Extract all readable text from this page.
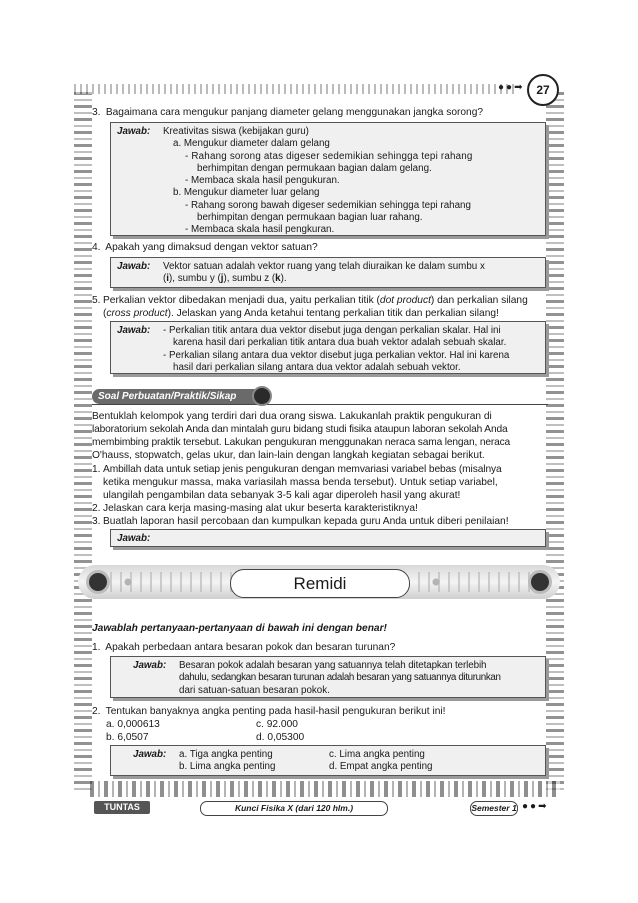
●●➡ 27
3. Bagaimana cara mengukur panjang diameter gelang menggunakan jangka sorong?
Jawab: Kreativitas siswa (kebijakan guru)
a. Mengukur diameter dalam gelang
- Rahang sorong atas digeser sedemikian sehingga tepi rahang
berhimpitan dengan permukaan bagian dalam gelang.
- Membaca skala hasil pengukuran.
b. Mengukur diameter luar gelang
- Rahang sorong bawah digeser sedemikian sehingga tepi rahang
berhimpitan dengan permukaan bagian luar rahang.
- Membaca skala hasil pengkuran.
4. Apakah yang dimaksud dengan vektor satuan?
Jawab: Vektor satuan adalah vektor ruang yang telah diuraikan ke dalam sumbu x
(i), sumbu y (j), sumbu z (k).
5. Perkalian vektor dibedakan menjadi dua, yaitu perkalian titik (dot product) dan perkalian silang
(cross product). Jelaskan yang Anda ketahui tentang perkalian titik dan perkalian silang!
Jawab: - Perkalian titik antara dua vektor disebut juga dengan perkalian skalar. Hal ini
karena hasil dari perkalian titik antara dua buah vektor adalah sebuah skalar.
- Perkalian silang antara dua vektor disebut juga perkalian vektor. Hal ini karena
hasil dari perkalian silang antara dua vektor adalah sebuah vektor.
Soal Perbuatan/Praktik/Sikap
Bentuklah kelompok yang terdiri dari dua orang siswa. Lakukanlah praktik pengukuran di
laboratorium sekolah Anda dan mintalah guru bidang studi fisika ataupun laboran sekolah Anda
membimbing praktik tersebut. Lakukan pengukuran menggunakan neraca sama lengan, neraca
O'hauss, stopwatch, gelas ukur, dan lain-lain dengan langkah kegiatan sebagai berikut.
1. Ambillah data untuk setiap jenis pengukuran dengan memvariasi variabel bebas (misalnya
ketika mengukur massa, maka variasilah massa benda tersebut). Untuk setiap variabel,
ulangilah pengambilan data sebanyak 3-5 kali agar diperoleh hasil yang akurat!
2. Jelaskan cara kerja masing-masing alat ukur beserta karakteristiknya!
3. Buatlah laporan hasil percobaan dan kumpulkan kepada guru Anda untuk diberi penilaian!
Jawab:
Remidi
Jawablah pertanyaan-pertanyaan di bawah ini dengan benar!
1. Apakah perbedaan antara besaran pokok dan besaran turunan?
Jawab: Besaran pokok adalah besaran yang satuannya telah ditetapkan terlebih
dahulu, sedangkan besaran turunan adalah besaran yang satuannya diturunkan
dari satuan-satuan besaran pokok.
2. Tentukan banyaknya angka penting pada hasil-hasil pengukuran berikut ini!
a. 0,000613	c. 92.000
b. 6,0507	d. 0,05300
Jawab: a. Tiga angka penting	c. Lima angka penting
b. Lima angka penting	d. Empat angka penting
TUNTAS	Kunci Fisika X (dari 120 hlm.)	Semester 1 ●●➡
